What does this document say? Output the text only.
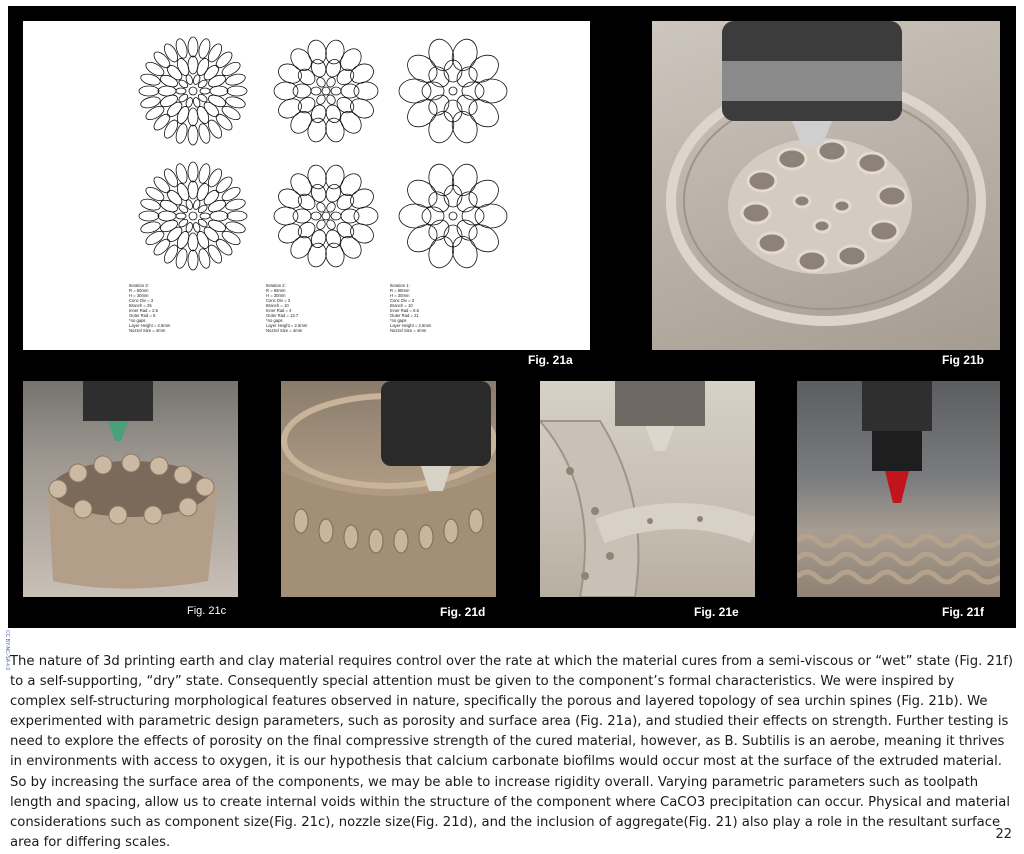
Iteration 3:
R = 60mm
H = 30mm
Conc Div = 3
Branch = 25
Inner Rad = 2.5
Outer Rad = 8
*no gaps
Layer Height = 2.5mm
Nozzel Size = 4mm
Iteration 2:
R = 65mm
H = 30mm
Conc Div = 3
Branch = 10
Inner Rad = 4
Outer Rad = 13.7
*no gaps
Layer Height = 2.5mm
Nozzel Size = 4mm
Iteration 1:
R = 68mm
H = 30mm
Conc Div = 3
Branch = 10
Inner Rad = 6.5
Outer Rad = 21
*no gaps
Layer Height = 2.5mm
Nozzel Size = 4mm
Fig. 21a	Fig 21b
Fig. 21c	Fig. 21d	Fig. 21e	Fig. 21f
CC BY-NC-SA 4.0 The nature of 3d printing earth and clay material requires control over the rate at which the material cures from a semi-viscous or “wet” state (Fig. 21f) to a self-supporting, “dry” state. Consequently special attention must be given to the component’s formal characteristics. We were inspired by complex self-structuring morphological features observed in nature, specifically the porous and layered topology of sea urchin spines (Fig. 21b). We experimented with parametric design parameters, such as porosity and surface area (Fig. 21a), and studied their effects on strength. Further testing is need to explore the effects of porosity on the final compressive strength of the cured material, however, as B. Subtilis is an aerobe, meaning it thrives in environments with access to oxygen, it is our hypothesis that calcium carbonate biofilms would occur most at the surface of the extruded material. So by increasing the surface area of the components, we may be able to increase rigidity overall. Varying parametric parameters such as toolpath length and spacing, allow us to create internal voids within the structure of the component where CaCO3 precipitation can occur. Physical and material considerations such as component size(Fig. 21c), nozzle size(Fig. 21d), and the inclusion of aggregate(Fig. 21) also play a role in the resultant surface area for differing scales.

22
